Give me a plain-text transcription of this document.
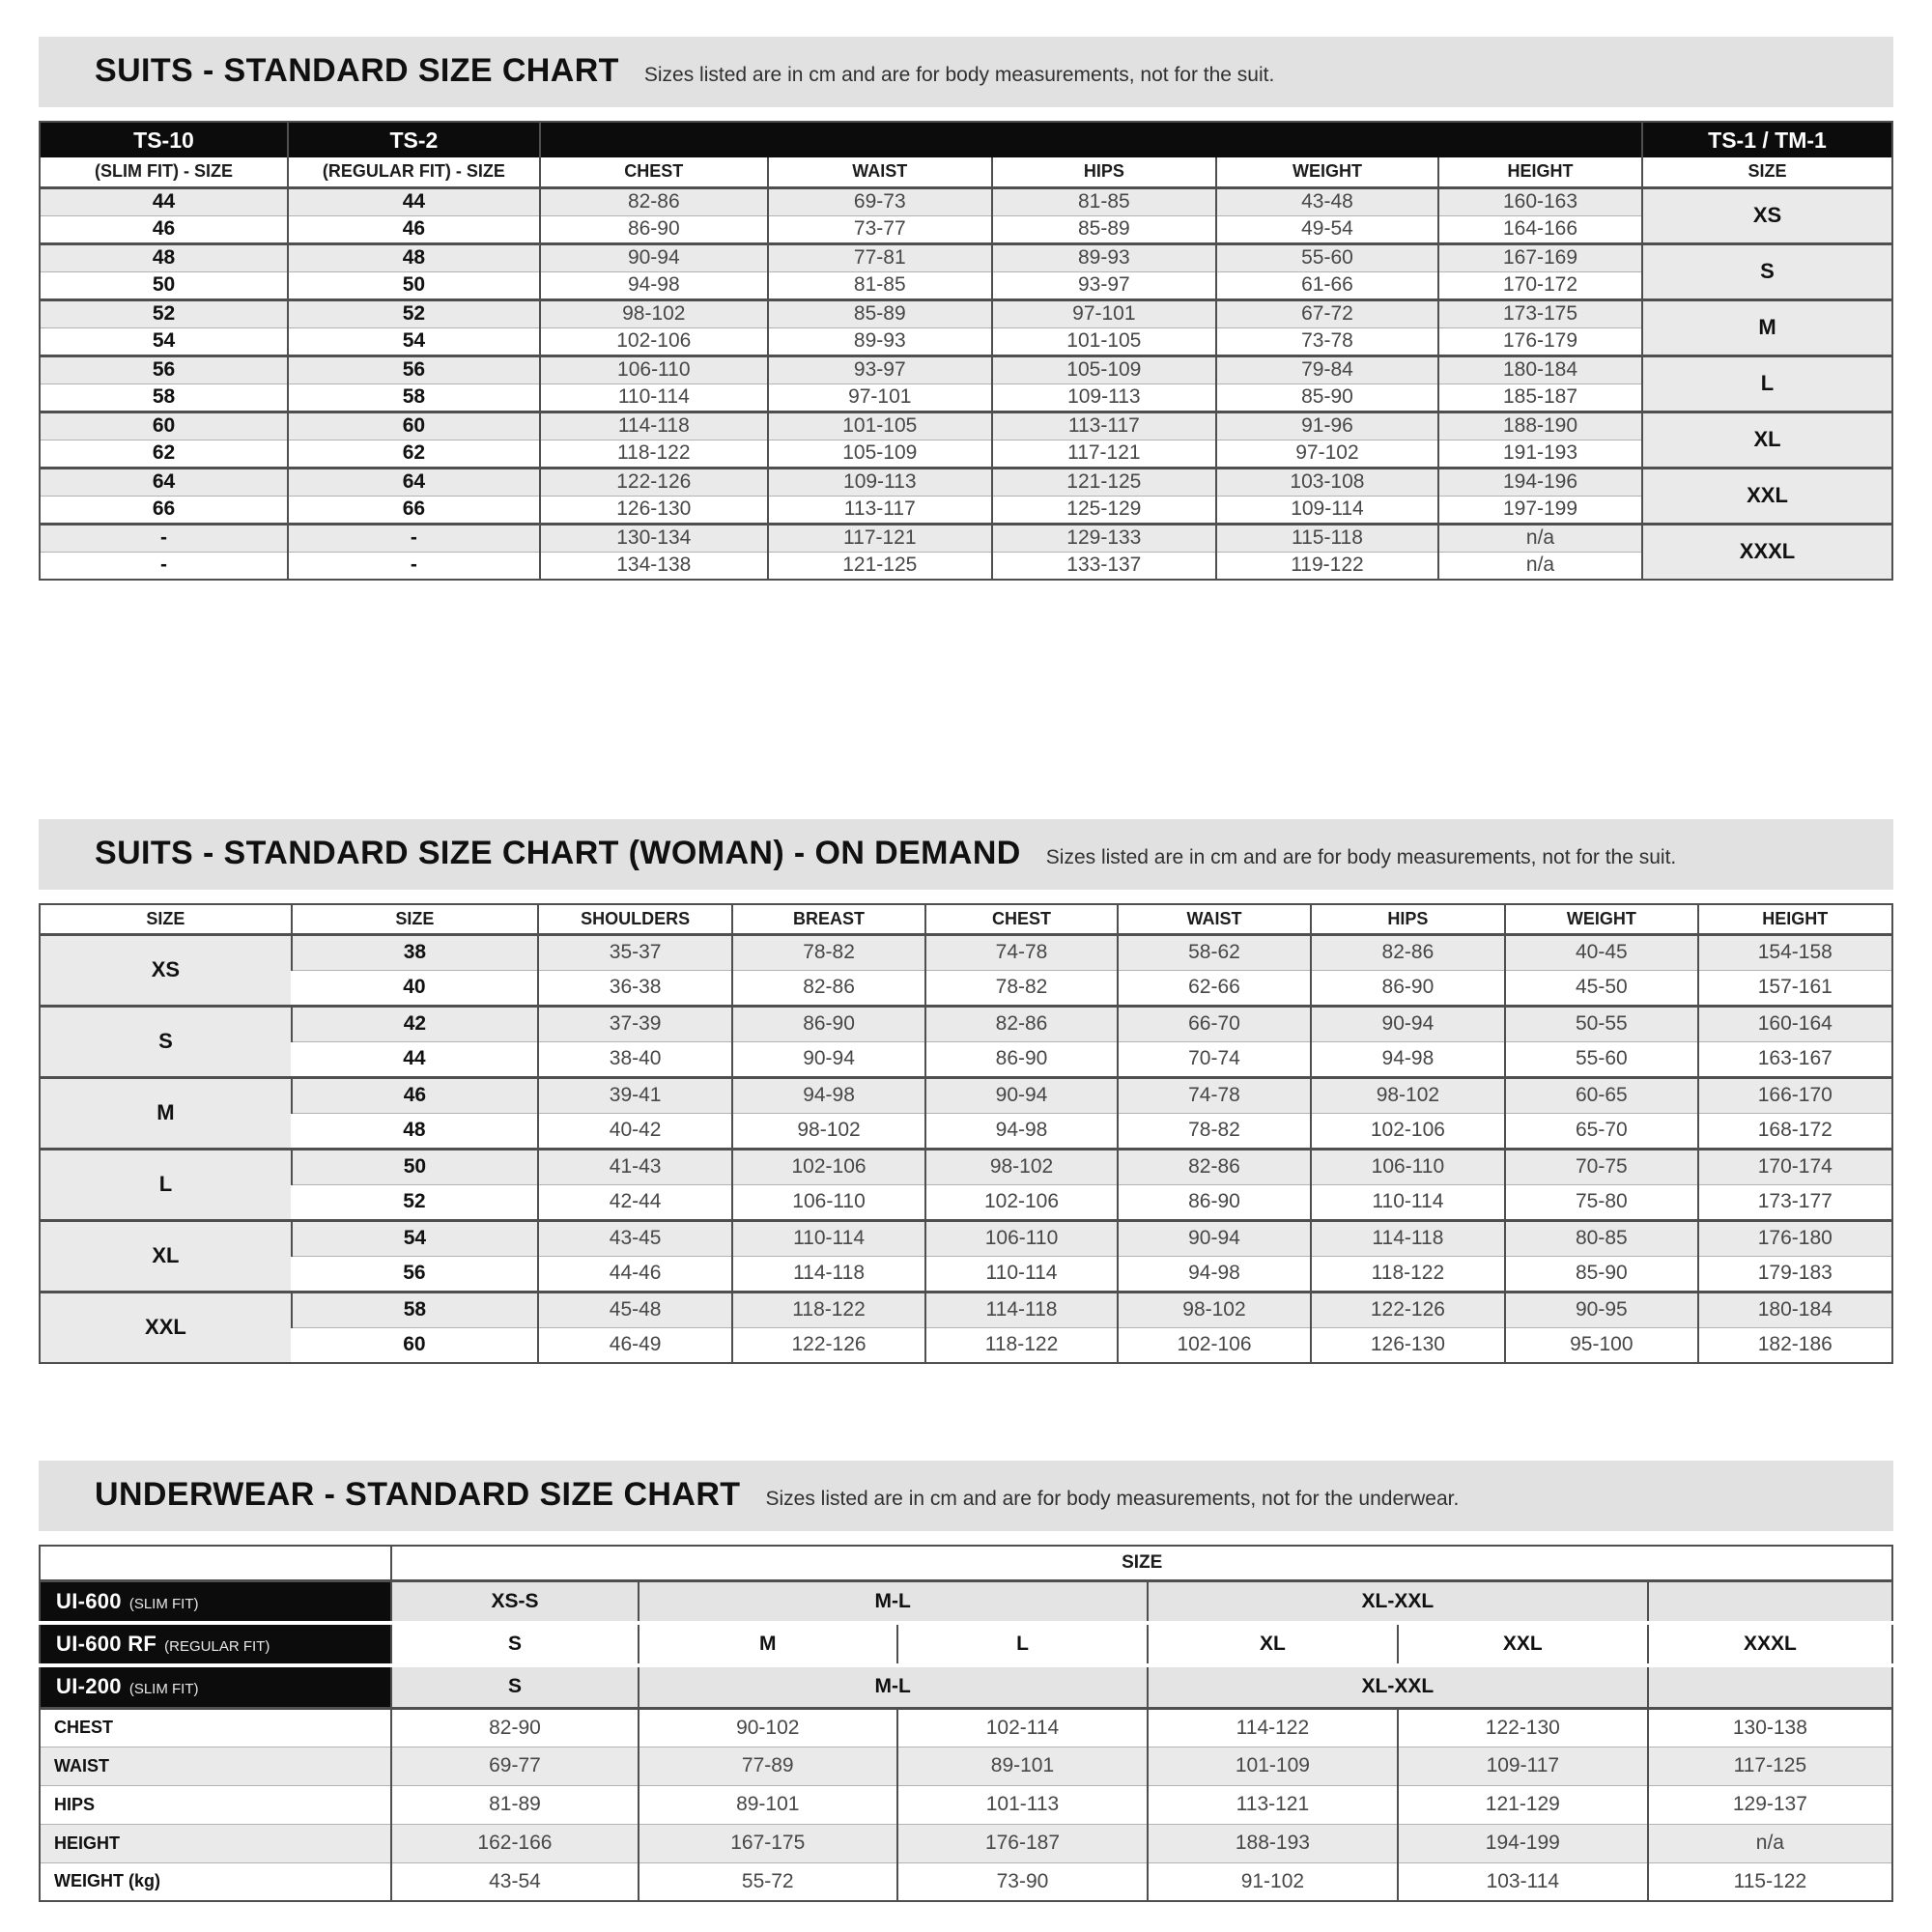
SUITS - STANDARD SIZE CHART Sizes listed are in cm and are for body measurements, not for the suit.

TS-10	TS-2						TS-1 / TM-1
(SLIM FIT) - SIZE	(REGULAR FIT) - SIZE	CHEST	WAIST	HIPS	WEIGHT	HEIGHT	SIZE
44	44	82-86	69-73	81-85	43-48	160-163	XS
46	46	86-90	73-77	85-89	49-54	164-166	
48	48	90-94	77-81	89-93	55-60	167-169	S
50	50	94-98	81-85	93-97	61-66	170-172	
52	52	98-102	85-89	97-101	67-72	173-175	M
54	54	102-106	89-93	101-105	73-78	176-179	
56	56	106-110	93-97	105-109	79-84	180-184	L
58	58	110-114	97-101	109-113	85-90	185-187	
60	60	114-118	101-105	113-117	91-96	188-190	XL
62	62	118-122	105-109	117-121	97-102	191-193	
64	64	122-126	109-113	121-125	103-108	194-196	XXL
66	66	126-130	113-117	125-129	109-114	197-199	
-	-	130-134	117-121	129-133	115-118	n/a	XXXL
-	-	134-138	121-125	133-137	119-122	n/a	
SUITS - STANDARD SIZE CHART (WOMAN) - ON DEMAND Sizes listed are in cm and are for body measurements, not for the suit.

SIZE	SIZE	SHOULDERS	BREAST	CHEST	WAIST	HIPS	WEIGHT	HEIGHT
XS	38	35-37	78-82	74-78	58-62	82-86	40-45	154-158
	40	36-38	82-86	78-82	62-66	86-90	45-50	157-161
S	42	37-39	86-90	82-86	66-70	90-94	50-55	160-164
	44	38-40	90-94	86-90	70-74	94-98	55-60	163-167
M	46	39-41	94-98	90-94	74-78	98-102	60-65	166-170
	48	40-42	98-102	94-98	78-82	102-106	65-70	168-172
L	50	41-43	102-106	98-102	82-86	106-110	70-75	170-174
	52	42-44	106-110	102-106	86-90	110-114	75-80	173-177
XL	54	43-45	110-114	106-110	90-94	114-118	80-85	176-180
	56	44-46	114-118	110-114	94-98	118-122	85-90	179-183
XXL	58	45-48	118-122	114-118	98-102	122-126	90-95	180-184
	60	46-49	122-126	118-122	102-106	126-130	95-100	182-186
UNDERWEAR - STANDARD SIZE CHART Sizes listed are in cm and are for body measurements, not for the underwear.

	SIZE					
UI-600 (SLIM FIT)	XS-S	M-L		XL-XXL		
UI-600 RF (REGULAR FIT)	S	M	L	XL	XXL	XXXL
UI-200 (SLIM FIT)	S	M-L		XL-XXL		
CHEST	82-90	90-102	102-114	114-122	122-130	130-138
WAIST	69-77	77-89	89-101	101-109	109-117	117-125
HIPS	81-89	89-101	101-113	113-121	121-129	129-137
HEIGHT	162-166	167-175	176-187	188-193	194-199	n/a
WEIGHT (kg)	43-54	55-72	73-90	91-102	103-114	115-122
